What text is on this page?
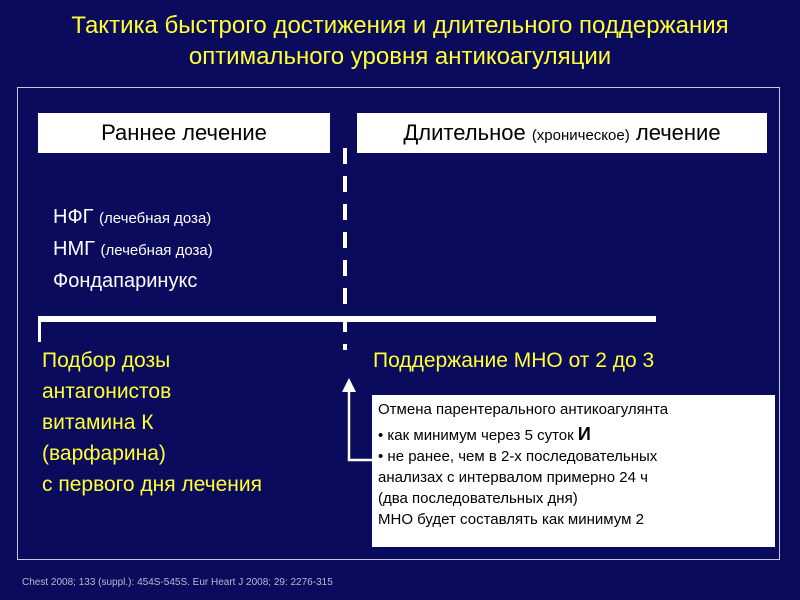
Тактика быстрого достижения и длительного поддержания
оптимального уровня антикоагуляции
Раннее лечение	Длительное (хроническое) лечение
НФГ (лечебная доза)
НМГ (лечебная доза)
Фондапаринукс
Подбор дозы
антагонистов
витамина К
(варфарина)
с первого дня лечения
Поддержание МНО от 2 до 3
Отмена парентерального антикоагулянта
• как минимум через 5 суток И
• не ранее, чем в 2-х последовательных
анализах с интервалом примерно 24 ч
(два последовательных дня)
МНО будет составлять как минимум 2
Chest 2008; 133 (suppl.): 454S-545S. Eur Heart J 2008; 29: 2276-315
